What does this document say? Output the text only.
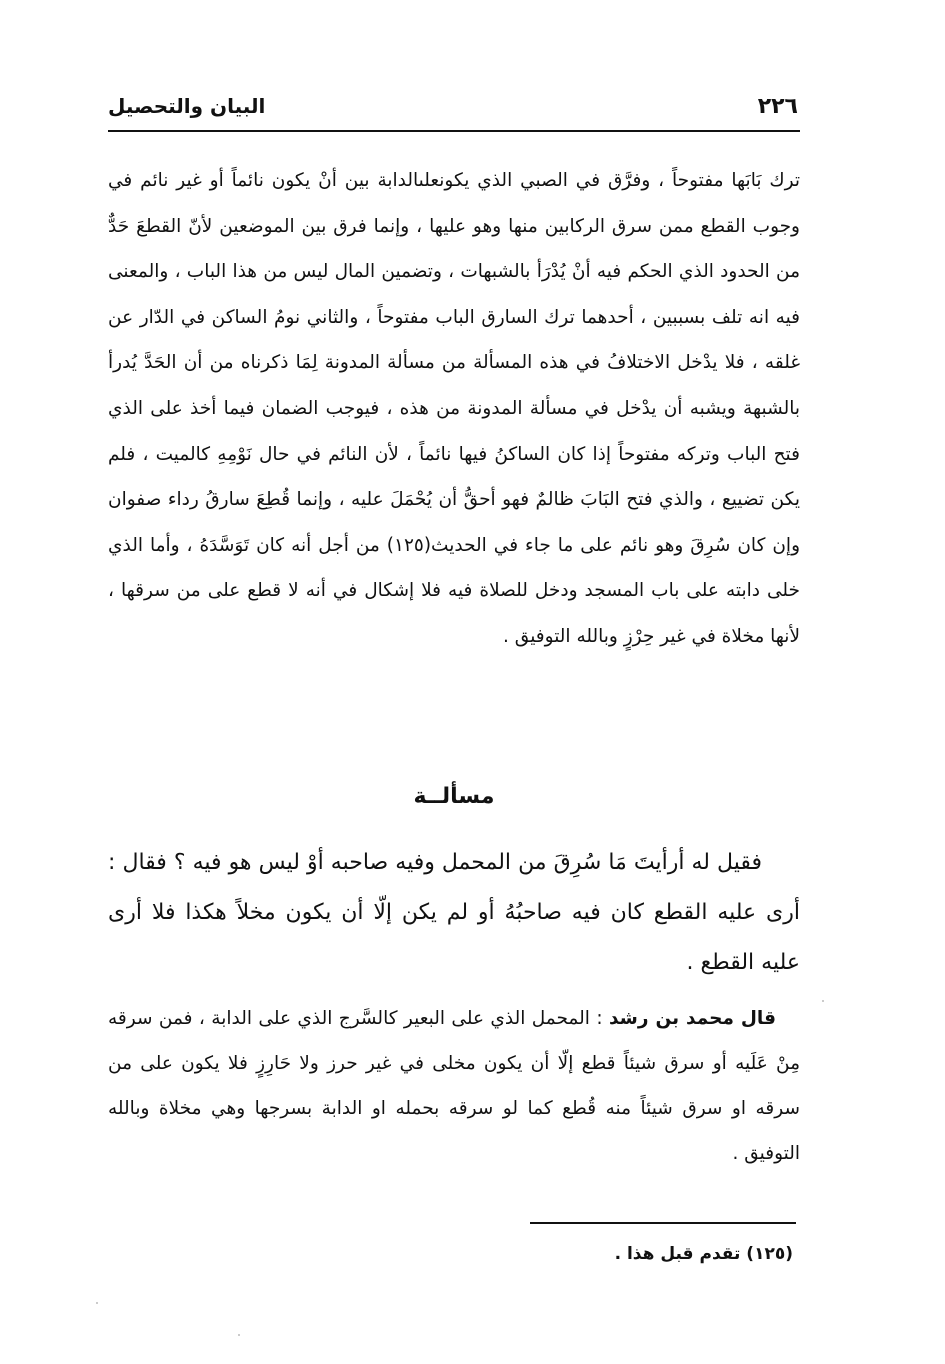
٢٢٦
البيان والتحصيل

ترك بَابَها مفتوحاً ، وفرَّق في الصبي الذي يكونعلىالدابة بين أنْ يكون نائماً أو غير نائم في وجوب القطع ممن سرق الركابين منها وهو عليها ، وإنما فرق بين الموضعين لأنّ القطعَ حَدٌّ من الحدود الذي الحكم فيه أنْ يُدْرَأ بالشبهات ، وتضمين المال ليس من هذا الباب ، والمعنى فيه انه تلف بسببين ، أحدهما ترك السارق الباب مفتوحاً ، والثاني نومُ الساكن في الدّار عن غلقه ، فلا يدْخل الاختلافُ في هذه المسألة من مسألة المدونة لِمَا ذكرناه من أن الحَدَّ يُدرأ بالشبهة ويشبه أن يدْخل في مسألة المدونة من هذه ، فيوجب الضمان فيما أخذ على الذي فتح الباب وتركه مفتوحاً إذا كان الساكنُ فيها نائماً ، لأن النائم في حال نَوْمِهِ كالميت ، فلم يكن تضييع ، والذي فتح البَابَ ظالمٌ فهو أحقُّ أن يُحْمَلَ عليه ، وإنما قُطِعَ سارقُ رداء صفوان وإن كان سُرِقَ وهو نائم على ما جاء في الحديث(١٢٥) من أجل أنه كان تَوَسَّدَهُ ، وأما الذي خلى دابته على باب المسجد ودخل للصلاة فيه فلا إشكال في أنه لا قطع على من سرقها ، لأنها مخلاة في غير حِرْزٍ وبالله التوفيق .

مسألــة

فقيل له أرأيتَ مَا سُرِقَ من المحمل وفيه صاحبه أوْ ليس هو فيه ؟ فقال : أرى عليه القطع كان فيه صاحبُهُ أو لم يكن إلّا أن يكون مخلاً هكذا فلا أرى عليه القطع .

قال محمد بن رشد : المحمل الذي على البعير كالسَّرج الذي على الدابة ، فمن سرقه مِنْ عَلَيه أو سرق شيئاً قطع إلّا أن يكون مخلى في غير حرز ولا حَارِزٍ فلا يكون على من سرقه او سرق شيئاً منه قُطع كما لو سرقه بحمله او الدابة بسرجها وهي مخلاة وبالله التوفيق .

(١٢٥) تقدم قبل هذا .
